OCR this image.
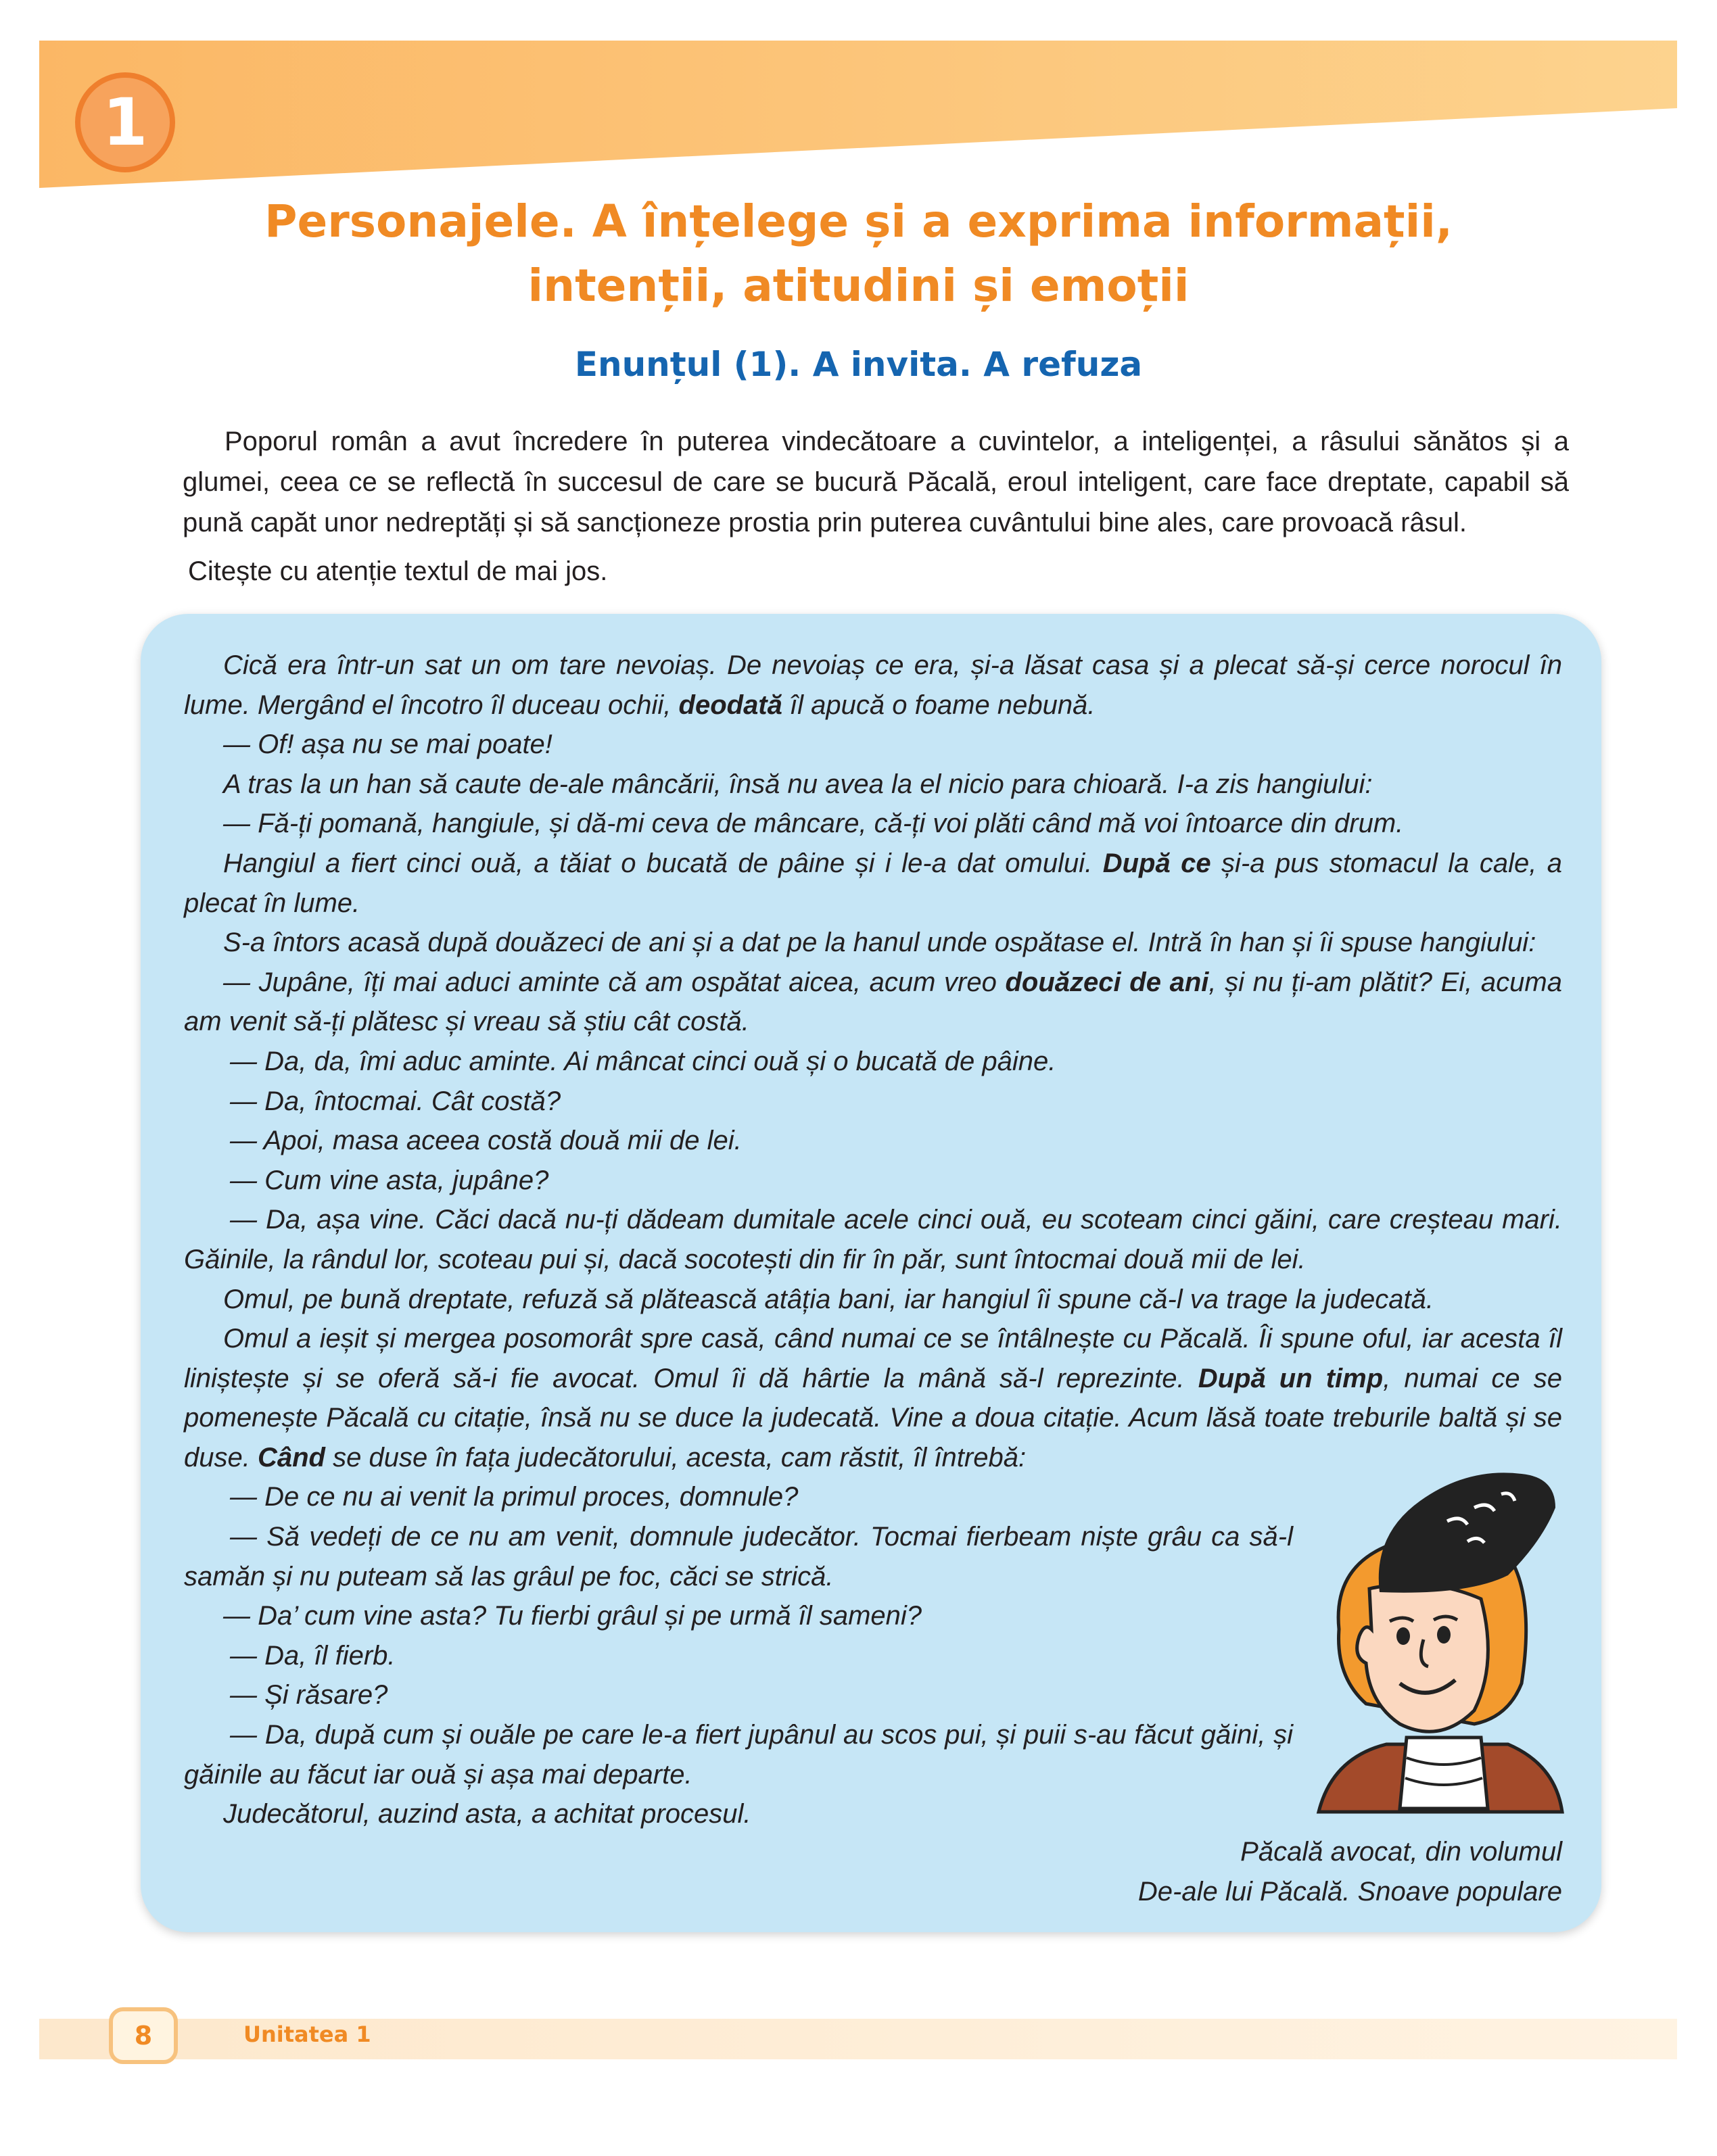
1
Personajele. A înțelege și a exprima informații,
intenții, atitudini și emoții
Enunțul (1). A invita. A refuza

Poporul român a avut încredere în puterea vindecătoare a cuvintelor, a inteligenței, a râsului sănătos și a glumei, ceea ce se reflectă în succesul de care se bucură Păcală, eroul inteligent, care face dreptate, capabil să pună capăt unor nedreptăți și să sancționeze prostia prin puterea cuvântului bine ales, care provoacă râsul.

Citește cu atenție textul de mai jos.

Cică era într-un sat un om tare nevoiaș. De nevoiaș ce era, și-a lăsat casa și a plecat să-și cerce norocul în lume. Mergând el încotro îl duceau ochii, deodată îl apucă o foame nebună.

— Of! așa nu se mai poate!

A tras la un han să caute de-ale mâncării, însă nu avea la el nicio para chioară. I-a zis hangiului:

— Fă-ți pomană, hangiule, și dă-mi ceva de mâncare, că-ți voi plăti când mă voi întoarce din drum.

Hangiul a fiert cinci ouă, a tăiat o bucată de pâine și i le-a dat omului. După ce și-a pus stomacul la cale, a plecat în lume.

S-a întors acasă după douăzeci de ani și a dat pe la hanul unde ospătase el. Intră în han și îi spuse hangiului:

— Jupâne, îți mai aduci aminte că am ospătat aicea, acum vreo douăzeci de ani, și nu ți-am plătit? Ei, acuma am venit să-ți plătesc și vreau să știu cât costă.

— Da, da, îmi aduc aminte. Ai mâncat cinci ouă și o bucată de pâine.

— Da, întocmai. Cât costă?

— Apoi, masa aceea costă două mii de lei.

— Cum vine asta, jupâne?

— Da, așa vine. Căci dacă nu-ți dădeam dumitale acele cinci ouă, eu scoteam cinci găini, care creșteau mari. Găinile, la rândul lor, scoteau pui și, dacă socotești din fir în păr, sunt întocmai două mii de lei.

Omul, pe bună dreptate, refuză să plătească atâția bani, iar hangiul îi spune că-l va trage la judecată.

Omul a ieșit și mergea posomorât spre casă, când numai ce se întâlnește cu Păcală. Îi spune oful, iar acesta îl liniștește și se oferă să-i fie avocat. Omul îi dă hârtie la mână să-l reprezinte. După un timp, numai ce se pomenește Păcală cu citație, însă nu se duce la judecată. Vine a doua citație. Acum lăsă toate treburile baltă și se duse. Când se duse în fața judecătorului, acesta, cam răstit, îl întrebă:

— De ce nu ai venit la primul proces, domnule?

— Să vedeți de ce nu am venit, domnule judecător. Tocmai fierbeam niște grâu ca să-l samăn și nu puteam să las grâul pe foc, căci se strică.

— Da’ cum vine asta? Tu fierbi grâul și pe urmă îl sameni?

— Da, îl fierb.

— Și răsare?

— Da, după cum și ouăle pe care le-a fiert jupânul au scos pui, și puii s-au făcut găini, și găinile au făcut iar ouă și așa mai departe.

Judecătorul, auzind asta, a achitat procesul.

Păcală avocat, din volumul
De-ale lui Păcală. Snoave populare
8	Unitatea 1
